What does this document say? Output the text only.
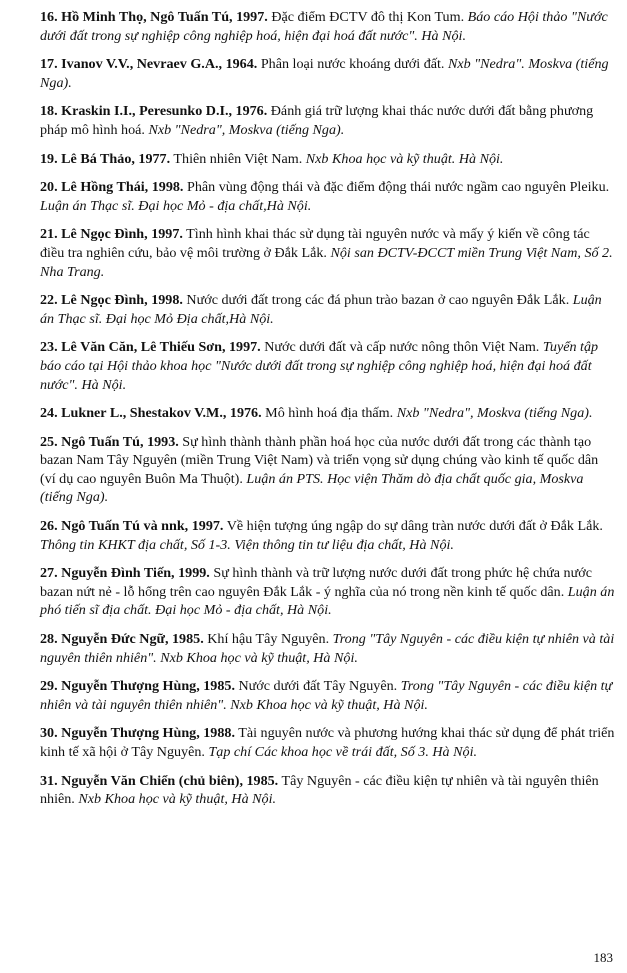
16. Hồ Minh Thọ, Ngô Tuấn Tú, 1997. Đặc điểm ĐCTV đô thị Kon Tum. Báo cáo Hội thảo "Nước dưới đất trong sự nghiệp công nghiệp hoá, hiện đại hoá đất nước". Hà Nội.

17. Ivanov V.V., Nevraev G.A., 1964. Phân loại nước khoáng dưới đất. Nxb "Nedra". Moskva (tiếng Nga).

18. Kraskin I.I., Peresunko D.I., 1976. Đánh giá trữ lượng khai thác nước dưới đất bằng phương pháp mô hình hoá. Nxb "Nedra", Moskva (tiếng Nga).

19. Lê Bá Thảo, 1977. Thiên nhiên Việt Nam. Nxb Khoa học và kỹ thuật. Hà Nội.

20. Lê Hồng Thái, 1998. Phân vùng động thái và đặc điểm động thái nước ngầm cao nguyên Pleiku. Luận án Thạc sĩ. Đại học Mỏ - địa chất,Hà Nội.

21. Lê Ngọc Đình, 1997. Tình hình khai thác sử dụng tài nguyên nước và mấy ý kiến về công tác điều tra nghiên cứu, bảo vệ môi trường ở Đắk Lắk. Nội san ĐCTV-ĐCCT miền Trung Việt Nam, Số 2. Nha Trang.

22. Lê Ngọc Đình, 1998. Nước dưới đất trong các đá phun trào bazan ở cao nguyên Đắk Lắk. Luận án Thạc sĩ. Đại học Mỏ Địa chất,Hà Nội.

23. Lê Văn Căn, Lê Thiếu Sơn, 1997. Nước dưới đất và cấp nước nông thôn Việt Nam. Tuyển tập báo cáo tại Hội thảo khoa học "Nước dưới đất trong sự nghiệp công nghiệp hoá, hiện đại hoá đất nước". Hà Nội.

24. Lukner L., Shestakov V.M., 1976. Mô hình hoá địa thấm. Nxb "Nedra", Moskva (tiếng Nga).

25. Ngô Tuấn Tú, 1993. Sự hình thành thành phần hoá học của nước dưới đất trong các thành tạo bazan Nam Tây Nguyên (miền Trung Việt Nam) và triển vọng sử dụng chúng vào kinh tế quốc dân (ví dụ cao nguyên Buôn Ma Thuột). Luận án PTS. Học viện Thăm dò địa chất quốc gia, Moskva (tiếng Nga).

26. Ngô Tuấn Tú và nnk, 1997. Về hiện tượng úng ngập do sự dâng tràn nước dưới đất ở Đắk Lắk. Thông tin KHKT địa chất, Số 1-3. Viện thông tin tư liệu địa chất, Hà Nội.

27. Nguyễn Đình Tiến, 1999. Sự hình thành và trữ lượng nước dưới đất trong phức hệ chứa nước bazan nứt nẻ - lỗ hổng trên cao nguyên Đắk Lắk - ý nghĩa của nó trong nền kinh tế quốc dân. Luận án phó tiến sĩ địa chất. Đại học Mỏ - địa chất, Hà Nội.

28. Nguyễn Đức Ngữ, 1985. Khí hậu Tây Nguyên. Trong "Tây Nguyên - các điều kiện tự nhiên và tài nguyên thiên nhiên". Nxb Khoa học và kỹ thuật, Hà Nội.

29. Nguyễn Thượng Hùng, 1985. Nước dưới đất Tây Nguyên. Trong "Tây Nguyên - các điều kiện tự nhiên và tài nguyên thiên nhiên". Nxb Khoa học và kỹ thuật, Hà Nội.

30. Nguyễn Thượng Hùng, 1988. Tài nguyên nước và phương hướng khai thác sử dụng để phát triển kinh tế xã hội ở Tây Nguyên. Tạp chí Các khoa học về trái đất, Số 3. Hà Nội.

31. Nguyễn Văn Chiển (chủ biên), 1985. Tây Nguyên - các điều kiện tự nhiên và tài nguyên thiên nhiên. Nxb Khoa học và kỹ thuật, Hà Nội.

183
